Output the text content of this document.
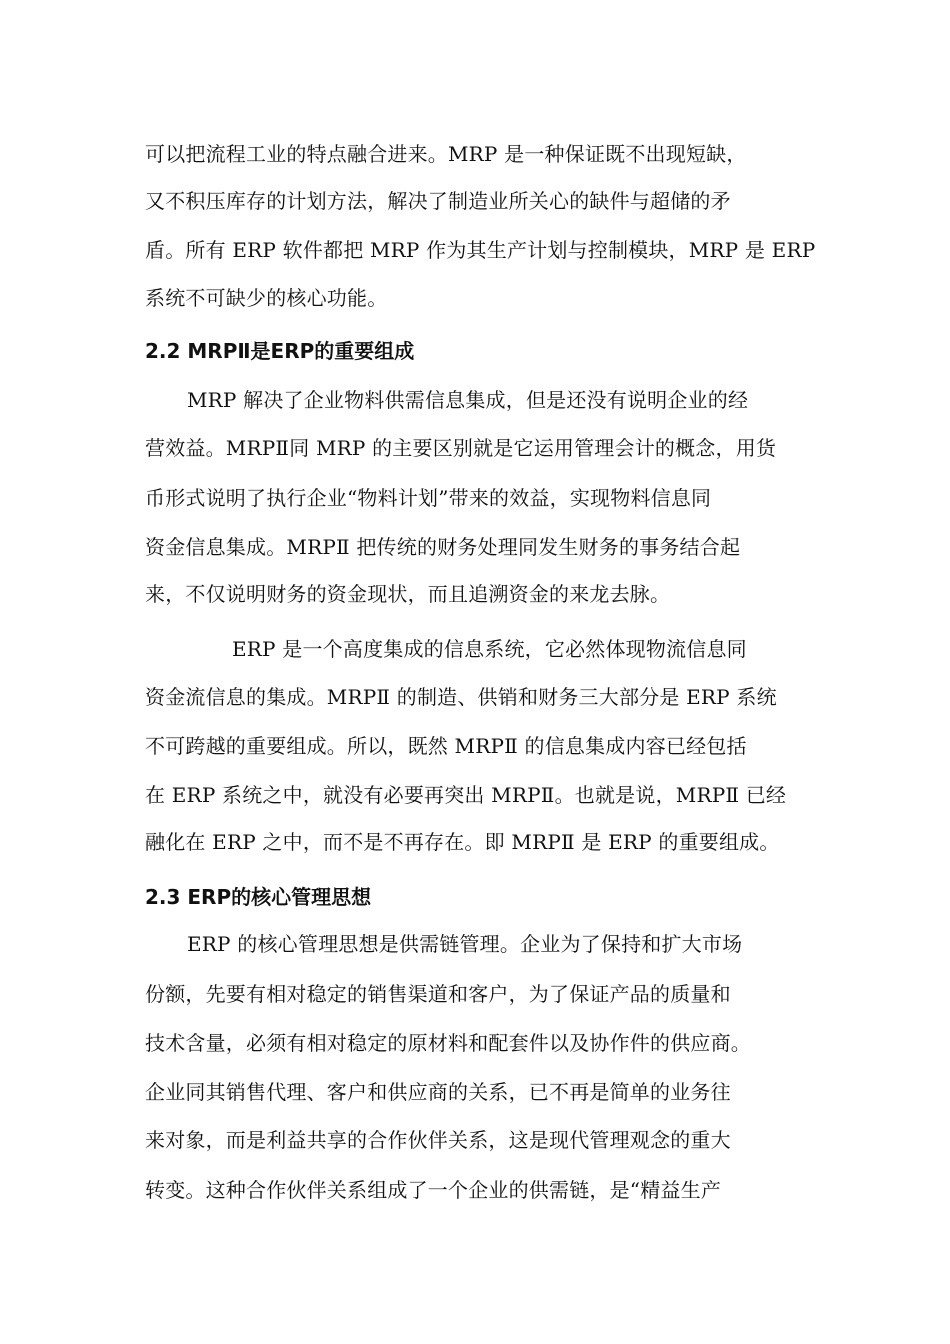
可以把流程工业的特点融合进来。MRP 是一种保证既不出现短缺，
又不积压库存的计划方法，解决了制造业所关心的缺件与超储的矛
盾。所有 ERP 软件都把 MRP 作为其生产计划与控制模块，MRP 是 ERP
系统不可缺少的核心功能。
2.2 MRPⅡ是ERP的重要组成
MRP 解决了企业物料供需信息集成，但是还没有说明企业的经
营效益。MRPⅡ同 MRP 的主要区别就是它运用管理会计的概念，用货
币形式说明了执行企业“物料计划”带来的效益，实现物料信息同
资金信息集成。MRPⅡ 把传统的财务处理同发生财务的事务结合起
来，不仅说明财务的资金现状，而且追溯资金的来龙去脉。
ERP 是一个高度集成的信息系统，它必然体现物流信息同
资金流信息的集成。MRPⅡ 的制造、供销和财务三大部分是 ERP 系统
不可跨越的重要组成。所以，既然 MRPⅡ 的信息集成内容已经包括
在 ERP 系统之中，就没有必要再突出 MRPⅡ。也就是说，MRPⅡ 已经
融化在 ERP 之中，而不是不再存在。即 MRPⅡ 是 ERP 的重要组成。
2.3 ERP的核心管理思想
ERP 的核心管理思想是供需链管理。企业为了保持和扩大市场
份额，先要有相对稳定的销售渠道和客户，为了保证产品的质量和
技术含量，必须有相对稳定的原材料和配套件以及协作件的供应商。
企业同其销售代理、客户和供应商的关系，已不再是简单的业务往
来对象，而是利益共享的合作伙伴关系，这是现代管理观念的重大
转变。这种合作伙伴关系组成了一个企业的供需链，是“精益生产
